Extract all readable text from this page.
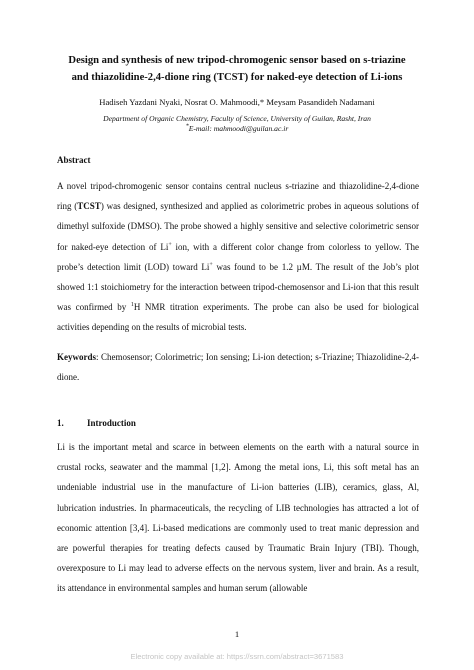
Design and synthesis of new tripod-chromogenic sensor based on s-triazine
and thiazolidine-2,4-dione ring (TCST) for naked-eye detection of Li-ions
Hadiseh Yazdani Nyaki, Nosrat O. Mahmoodi,* Meysam Pasandideh Nadamani
Department of Organic Chemistry, Faculty of Science, University of Guilan, Rasht, Iran
*E-mail: mahmoodi@guilan.ac.ir
Abstract

A novel tripod-chromogenic sensor contains central nucleus s-triazine and thiazolidine-2,4-dione ring (TCST) was designed, synthesized and applied as colorimetric probes in aqueous solutions of dimethyl sulfoxide (DMSO). The probe showed a highly sensitive and selective colorimetric sensor for naked-eye detection of Li+ ion, with a different color change from colorless to yellow. The probe’s detection limit (LOD) toward Li+ was found to be 1.2 µM. The result of the Job’s plot showed 1:1 stoichiometry for the interaction between tripod-chemosensor and Li-ion that this result was confirmed by $^1$H NMR titration experiments. The probe can also be used for biological activities depending on the results of microbial tests.

Keywords: Chemosensor; Colorimetric; Ion sensing; Li-ion detection; s-Triazine; Thiazolidine-2,4-dione.
1.	Introduction

Li is the important metal and scarce in between elements on the earth with a natural source in crustal rocks, seawater and the mammal [1,2]. Among the metal ions, Li, this soft metal has an undeniable industrial use in the manufacture of Li-ion batteries (LIB), ceramics, glass, Al, lubrication industries. In pharmaceuticals, the recycling of LIB technologies has attracted a lot of economic attention [3,4]. Li-based medications are commonly used to treat manic depression and are powerful therapies for treating defects caused by Traumatic Brain Injury (TBI). Though, overexposure to Li may lead to adverse effects on the nervous system, liver and brain. As a result, its attendance in environmental samples and human serum (allowable

1
Electronic copy available at: https://ssrn.com/abstract=3671583
